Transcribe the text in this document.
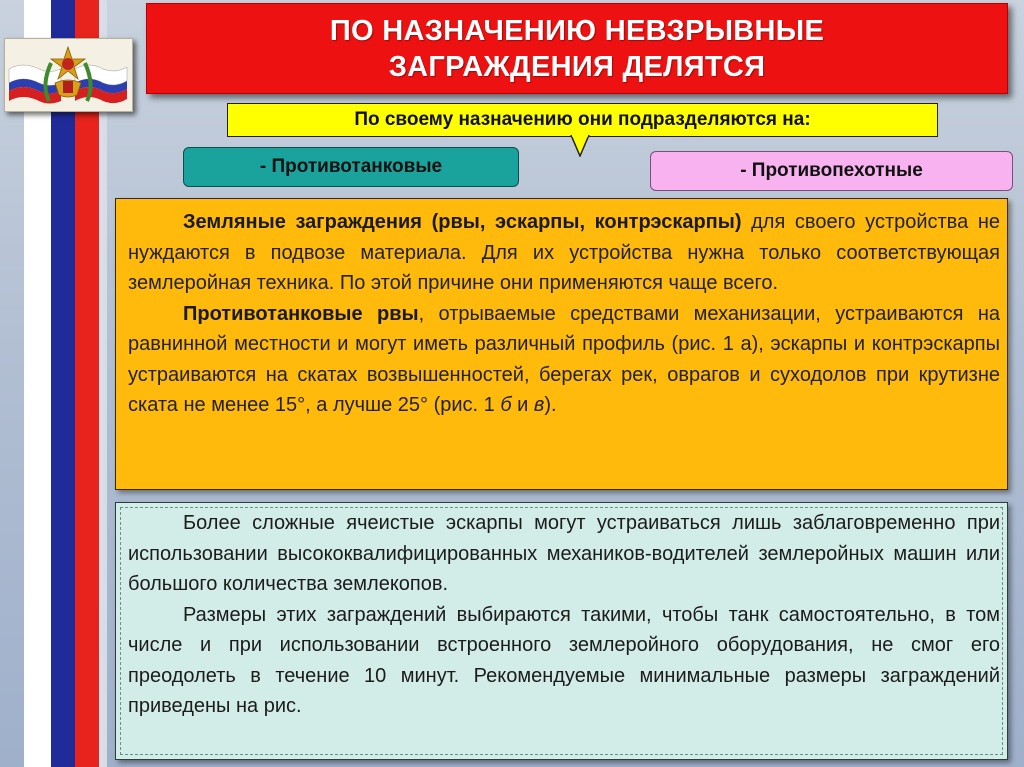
ПО НАЗНАЧЕНИЮ НЕВЗРЫВНЫЕ
ЗАГРАЖДЕНИЯ ДЕЛЯТСЯ
По своему назначению они подразделяются на:
- Противотанковые	- Противопехотные

Земляные заграждения (рвы, эскарпы, контрэскарпы) для своего устройства не нуждаются в подвозе материала. Для их устройства нужна только соответствующая землеройная техника. По этой причине они применяются чаще всего.

Противотанковые рвы, отрываемые средствами механизации, устраиваются на равнинной местности и могут иметь различный профиль (рис. 1 а), эскарпы и контрэскарпы устраиваются на скатах возвышенностей, берегах рек, оврагов и суходолов при крутизне ската не менее 15°, а лучше 25° (рис. 1 б и в).

Более сложные ячеистые эскарпы могут устраиваться лишь заблаговременно при использовании высококвалифицированных механиков-водителей землеройных машин или большого количества землекопов.

Размеры этих заграждений выбираются такими, чтобы танк самостоятельно, в том числе и при использовании встроенного землеройного оборудования, не смог его преодолеть в течение 10 минут. Рекомендуемые минимальные размеры заграждений приведены на рис.
